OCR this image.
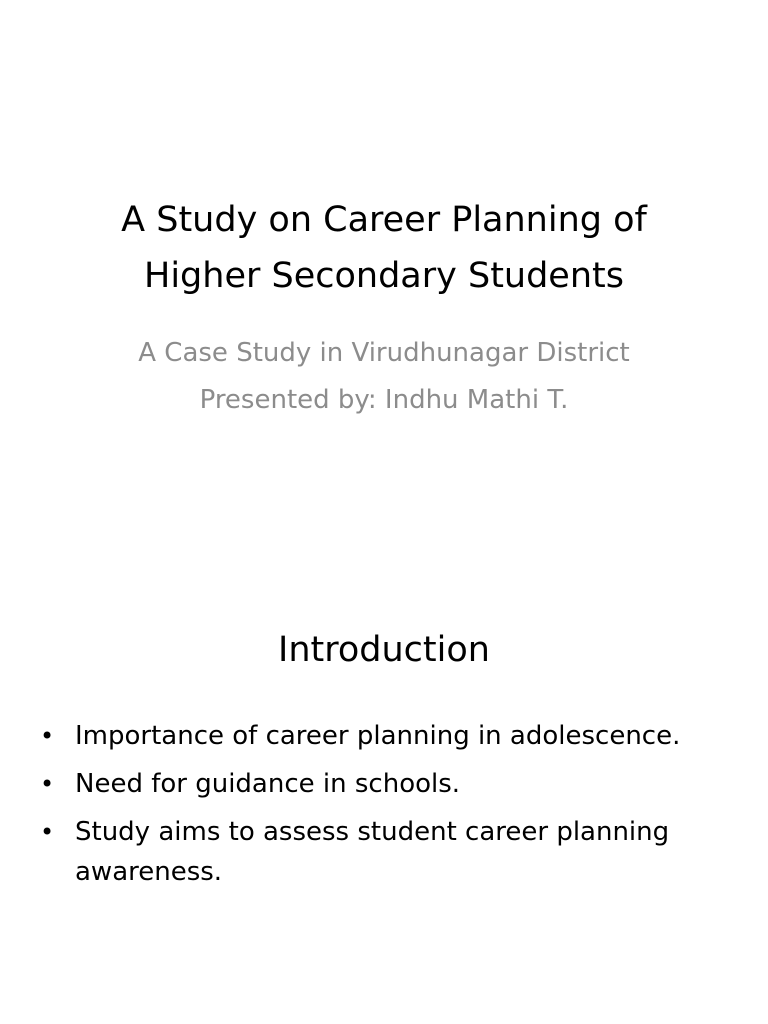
A Study on Career Planning of
Higher Secondary Students
A Case Study in Virudhunagar District
Presented by: Indhu Mathi T.
Introduction
• Importance of career planning in adolescence.
• Need for guidance in schools.
• Study aims to assess student career planning awareness.
